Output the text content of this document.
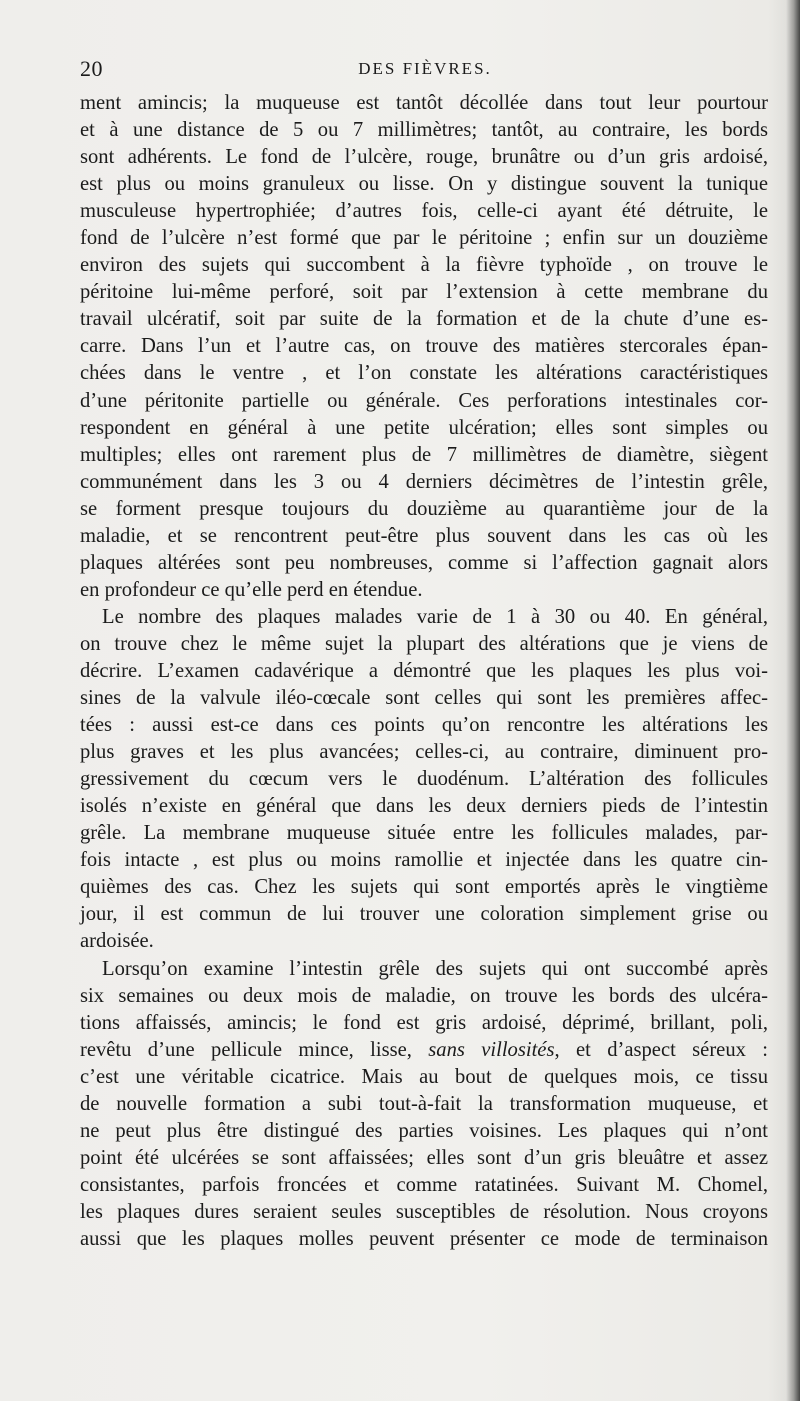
20	DES FIÈVRES.
ment amincis; la muqueuse est tantôt décollée dans tout leur pourtour
et à une distance de 5 ou 7 millimètres; tantôt, au contraire, les bords
sont adhérents. Le fond de l’ulcère, rouge, brunâtre ou d’un gris ardoisé,
est plus ou moins granuleux ou lisse. On y distingue souvent la tunique
musculeuse hypertrophiée; d’autres fois, celle-ci ayant été détruite, le
fond de l’ulcère n’est formé que par le péritoine ; enfin sur un douzième
environ des sujets qui succombent à la fièvre typhoïde , on trouve le
péritoine lui-même perforé, soit par l’extension à cette membrane du
travail ulcératif, soit par suite de la formation et de la chute d’une es-
carre. Dans l’un et l’autre cas, on trouve des matières stercorales épan-
chées dans le ventre , et l’on constate les altérations caractéristiques
d’une péritonite partielle ou générale. Ces perforations intestinales cor-
respondent en général à une petite ulcération; elles sont simples ou
multiples; elles ont rarement plus de 7 millimètres de diamètre, siègent
communément dans les 3 ou 4 derniers décimètres de l’intestin grêle,
se forment presque toujours du douzième au quarantième jour de la
maladie, et se rencontrent peut-être plus souvent dans les cas où les
plaques altérées sont peu nombreuses, comme si l’affection gagnait alors
en profondeur ce qu’elle perd en étendue.
Le nombre des plaques malades varie de 1 à 30 ou 40. En général,
on trouve chez le même sujet la plupart des altérations que je viens de
décrire. L’examen cadavérique a démontré que les plaques les plus voi-
sines de la valvule iléo-cœcale sont celles qui sont les premières affec-
tées : aussi est-ce dans ces points qu’on rencontre les altérations les
plus graves et les plus avancées; celles-ci, au contraire, diminuent pro-
gressivement du cœcum vers le duodénum. L’altération des follicules
isolés n’existe en général que dans les deux derniers pieds de l’intestin
grêle. La membrane muqueuse située entre les follicules malades, par-
fois intacte , est plus ou moins ramollie et injectée dans les quatre cin-
quièmes des cas. Chez les sujets qui sont emportés après le vingtième
jour, il est commun de lui trouver une coloration simplement grise ou
ardoisée.
Lorsqu’on examine l’intestin grêle des sujets qui ont succombé après
six semaines ou deux mois de maladie, on trouve les bords des ulcéra-
tions affaissés, amincis; le fond est gris ardoisé, déprimé, brillant, poli,
revêtu d’une pellicule mince, lisse, sans villosités, et d’aspect séreux :
c’est une véritable cicatrice. Mais au bout de quelques mois, ce tissu
de nouvelle formation a subi tout-à-fait la transformation muqueuse, et
ne peut plus être distingué des parties voisines. Les plaques qui n’ont
point été ulcérées se sont affaissées; elles sont d’un gris bleuâtre et assez
consistantes, parfois froncées et comme ratatinées. Suivant M. Chomel,
les plaques dures seraient seules susceptibles de résolution. Nous croyons
aussi que les plaques molles peuvent présenter ce mode de terminaison
